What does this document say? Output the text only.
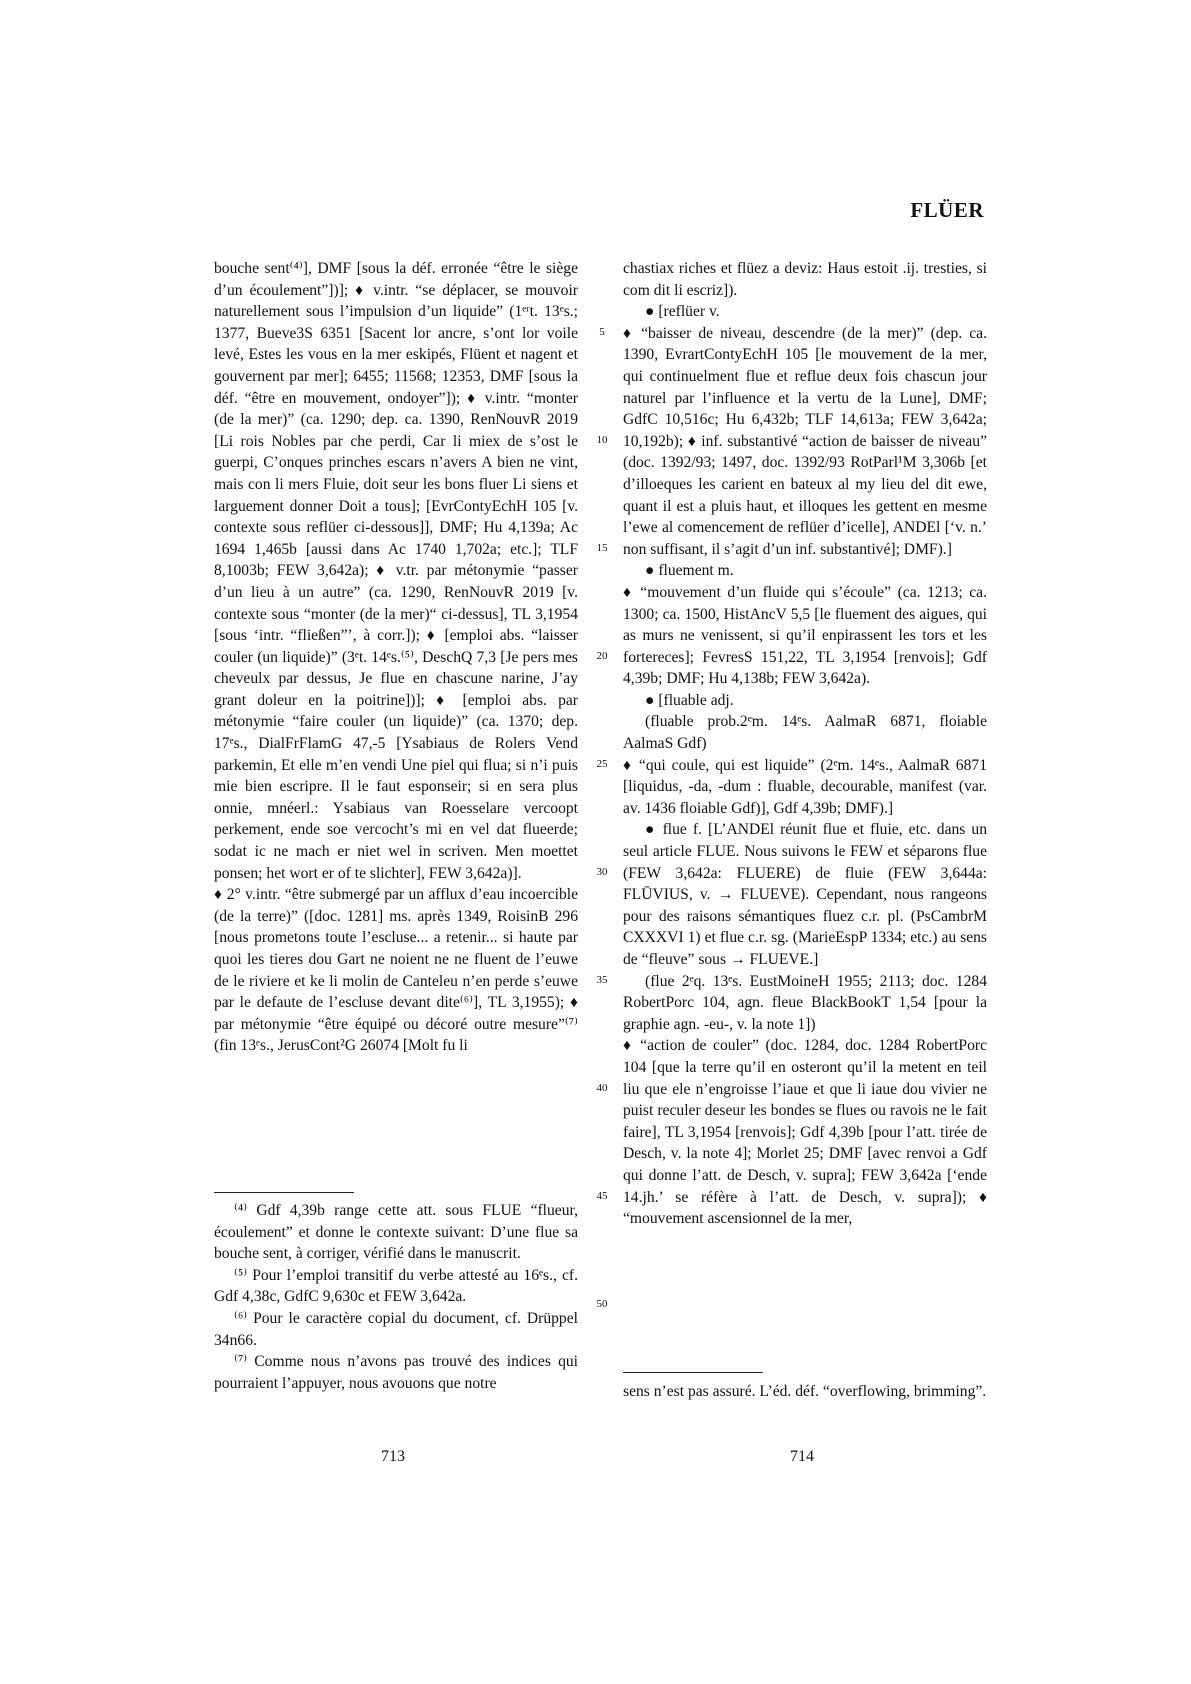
FLÜER

bouche sent⁽⁴⁾], DMF [sous la déf. erronée “être le siège d’un écoulement”])]; ♦ v.intr. “se déplacer, se mouvoir naturellement sous l’impulsion d’un liquide” (1ᵉʳt. 13ᵉs.; 1377, Bueve3S 6351 [Sacent lor ancre, s’ont lor voile levé, Estes les vous en la mer eskipés, Flüent et nagent et gouvernent par mer]; 6455; 11568; 12353, DMF [sous la déf. “être en mouvement, ondoyer”]); ♦ v.intr. “monter (de la mer)” (ca. 1290; dep. ca. 1390, RenNouvR 2019 [Li rois Nobles par che perdi, Car li miex de s’ost le guerpi, C’onques prinches escars n’avers A bien ne vint, mais con li mers Fluie, doit seur les bons fluer Li siens et larguement donner Doit a tous]; [EvrContyEchH 105 [v. contexte sous reflüer ci-dessous]], DMF; Hu 4,139a; Ac 1694 1,465b [aussi dans Ac 1740 1,702a; etc.]; TLF 8,1003b; FEW 3,642a); ♦ v.tr. par métonymie “passer d’un lieu à un autre” (ca. 1290, RenNouvR 2019 [v. contexte sous “monter (de la mer)“ ci-dessus], TL 3,1954 [sous ‘intr. “fließen”’, à corr.]); ♦ [emploi abs. “laisser couler (un liquide)” (3ᵉt. 14ᵉs.⁽⁵⁾, DeschQ 7,3 [Je pers mes cheveulx par dessus, Je flue en chascune narine, J’ay grant doleur en la poitrine])]; ♦ [emploi abs. par métonymie “faire couler (un liquide)” (ca. 1370; dep. 17ᵉs., DialFrFlamG 47,-5 [Ysabiaus de Rolers Vend parkemin, Et elle m’en vendi Une piel qui flua; si n’i puis mie bien escripre. Il le faut esponseir; si en sera plus onnie, mnéerl.: Ysabiaus van Roesselare vercoopt perkement, ende soe vercocht’s mi en vel dat flueerde; sodat ic ne mach er niet wel in scriven. Men moettet ponsen; het wort er of te slichter], FEW 3,642a)].

♦ 2° v.intr. “être submergé par un afflux d’eau incoercible (de la terre)” ([doc. 1281] ms. après 1349, RoisinB 296 [nous prometons toute l’escluse... a retenir... si haute par quoi les tieres dou Gart ne noient ne ne fluent de l’euwe de le riviere et ke li molin de Canteleu n’en perde s’euwe par le defaute de l’escluse devant dite⁽⁶⁾], TL 3,1955); ♦ par métonymie “être équipé ou décoré outre mesure”⁽⁷⁾ (fin 13ᵉs., JerusCont²G 26074 [Molt fu li

5
10
15
20
25
30
35
40
45
50

chastiax riches et flüez a deviz: Haus estoit .ij. tresties, si com dit li escriz]).

● [reflüer v.

♦ “baisser de niveau, descendre (de la mer)” (dep. ca. 1390, EvrartContyEchH 105 [le mouvement de la mer, qui continuelment flue et reflue deux fois chascun jour naturel par l’influence et la vertu de la Lune], DMF; GdfC 10,516c; Hu 6,432b; TLF 14,613a; FEW 3,642a; 10,192b); ♦ inf. substantivé “action de baisser de niveau” (doc. 1392/93; 1497, doc. 1392/93 RotParl¹M 3,306b [et d’illoeques les carient en bateux al my lieu del dit ewe, quant il est a pluis haut, et illoques les gettent en mesme l’ewe al comencement de reflüer d’icelle], ANDEl [‘v. n.’ non suffisant, il s’agit d’un inf. substantivé]; DMF).]

● fluement m.

♦ “mouvement d’un fluide qui s’écoule” (ca. 1213; ca. 1300; ca. 1500, HistAncV 5,5 [le fluement des aigues, qui as murs ne venissent, si qu’il enpirassent les tors et les fortereces]; FevresS 151,22, TL 3,1954 [renvois]; Gdf 4,39b; DMF; Hu 4,138b; FEW 3,642a).

● [fluable adj.

(fluable prob.2ᵉm. 14ᵉs. AalmaR 6871, floiable AalmaS Gdf)

♦ “qui coule, qui est liquide” (2ᵉm. 14ᵉs., AalmaR 6871 [liquidus, -da, -dum : fluable, decourable, manifest (var. av. 1436 floiable Gdf)], Gdf 4,39b; DMF).]

● flue f. [L’ANDEl réunit flue et fluie, etc. dans un seul article FLUE. Nous suivons le FEW et séparons flue (FEW 3,642a: FLUERE) de fluie (FEW 3,644a: FLŪVIUS, v. → FLUEVE). Cependant, nous rangeons pour des raisons sémantiques fluez c.r. pl. (PsCambrM CXXXVI 1) et flue c.r. sg. (MarieEspP 1334; etc.) au sens de “fleuve” sous → FLUEVE.]

(flue 2ᵉq. 13ᵉs. EustMoineH 1955; 2113; doc. 1284 RobertPorc 104, agn. fleue BlackBookT 1,54 [pour la graphie agn. -eu-, v. la note 1])

♦ “action de couler” (doc. 1284, doc. 1284 RobertPorc 104 [que la terre qu’il en osteront qu’il la metent en teil liu que ele n’engroisse l’iaue et que li iaue dou vivier ne puist reculer deseur les bondes se flues ou ravois ne le fait faire], TL 3,1954 [renvois]; Gdf 4,39b [pour l’att. tirée de Desch, v. la note 4]; Morlet 25; DMF [avec renvoi a Gdf qui donne l’att. de Desch, v. supra]; FEW 3,642a [‘ende 14.jh.’ se réfère à l’att. de Desch, v. supra]); ♦ “mouvement ascensionnel de la mer,

⁽⁴⁾ Gdf 4,39b range cette att. sous FLUE “flueur, écoulement” et donne le contexte suivant: D’une flue sa bouche sent, à corriger, vérifié dans le manuscrit.

⁽⁵⁾ Pour l’emploi transitif du verbe attesté au 16ᵉs., cf. Gdf 4,38c, GdfC 9,630c et FEW 3,642a.

⁽⁶⁾ Pour le caractère copial du document, cf. Drüppel 34n66.

⁽⁷⁾ Comme nous n’avons pas trouvé des indices qui pourraient l’appuyer, nous avouons que notre	sens n’est pas assuré. L’éd. déf. “overflowing, brimming”.
713	714
